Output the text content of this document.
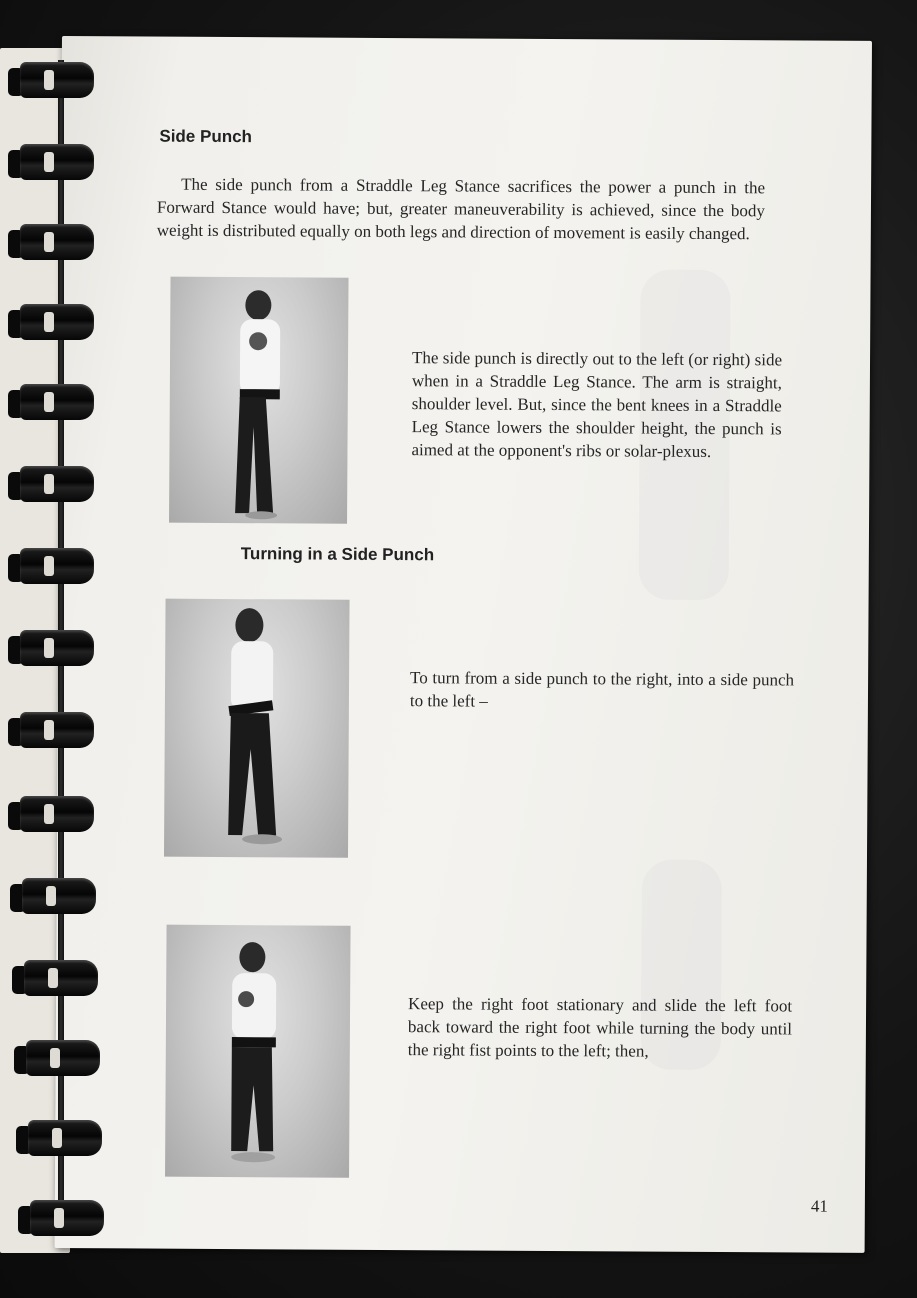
Side Punch

The side punch from a Straddle Leg Stance sacrifices the power a punch in the Forward Stance would have; but, greater maneuverability is achieved, since the body weight is distributed equally on both legs and direction of movement is easily changed.

The side punch is directly out to the left (or right) side when in a Straddle Leg Stance. The arm is straight, shoulder level. But, since the bent knees in a Straddle Leg Stance lowers the shoulder height, the punch is aimed at the opponent's ribs or solar-plexus.

Turning in a Side Punch

To turn from a side punch to the right, into a side punch to the left –

Keep the right foot stationary and slide the left foot back toward the right foot while turning the body until the right fist points to the left; then,

41
